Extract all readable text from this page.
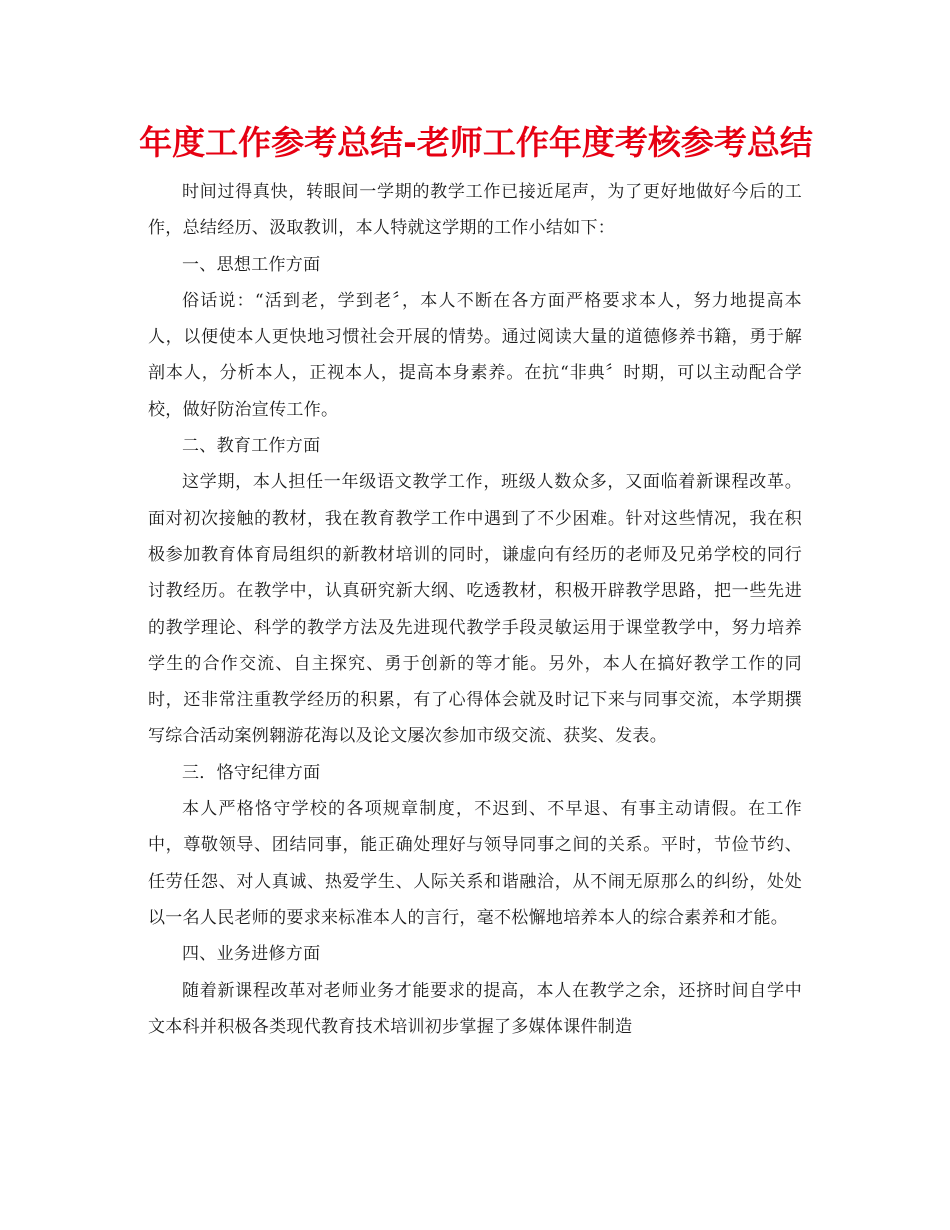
年度工作参考总结-老师工作年度考核参考总结

时间过得真快，转眼间一学期的教学工作已接近尾声，为了更好地做好今后的工作，总结经历、汲取教训，本人特就这学期的工作小结如下：

一、思想工作方面

俗话说：“活到老，学到老〞，本人不断在各方面严格要求本人，努力地提高本人，以便使本人更快地习惯社会开展的情势。通过阅读大量的道德修养书籍，勇于解剖本人，分析本人，正视本人，提高本身素养。在抗“非典〞时期，可以主动配合学校，做好防治宣传工作。

二、教育工作方面

这学期，本人担任一年级语文教学工作，班级人数众多，又面临着新课程改革。面对初次接触的教材，我在教育教学工作中遇到了不少困难。针对这些情况，我在积极参加教育体育局组织的新教材培训的同时，谦虚向有经历的老师及兄弟学校的同行讨教经历。在教学中，认真研究新大纲、吃透教材，积极开辟教学思路，把一些先进的教学理论、科学的教学方法及先进现代教学手段灵敏运用于课堂教学中，努力培养学生的合作交流、自主探究、勇于创新的等才能。另外，本人在搞好教学工作的同时，还非常注重教学经历的积累，有了心得体会就及时记下来与同事交流，本学期撰写综合活动案例翱游花海以及论文屡次参加市级交流、获奖、发表。

三．恪守纪律方面

本人严格恪守学校的各项规章制度，不迟到、不早退、有事主动请假。在工作中，尊敬领导、团结同事，能正确处理好与领导同事之间的关系。平时，节俭节约、任劳任怨、对人真诚、热爱学生、人际关系和谐融洽，从不闹无原那么的纠纷，处处以一名人民老师的要求来标准本人的言行，毫不松懈地培养本人的综合素养和才能。

四、业务进修方面

随着新课程改革对老师业务才能要求的提高，本人在教学之余，还挤时间自学中文本科并积极各类现代教育技术培训初步掌握了多媒体课件制造
